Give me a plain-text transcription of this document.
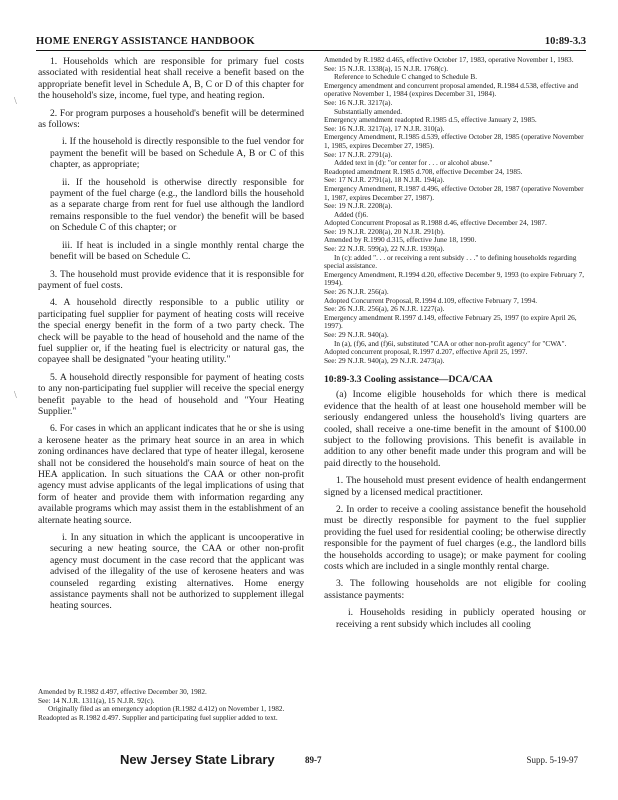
HOME ENERGY ASSISTANCE HANDBOOK	10:89-3.3

1. Households which are responsible for primary fuel costs associated with residential heat shall receive a benefit based on the appropriate benefit level in Schedule A, B, C or D of this chapter for the household's size, income, fuel type, and heating region.

2. For program purposes a household's benefit will be determined as follows:

i. If the household is directly responsible to the fuel vendor for payment the benefit will be based on Schedule A, B or C of this chapter, as appropriate;

ii. If the household is otherwise directly responsible for payment of the fuel charge (e.g., the landlord bills the household as a separate charge from rent for fuel use although the landlord remains responsible to the fuel vendor) the benefit will be based on Schedule C of this chapter; or

iii. If heat is included in a single monthly rental charge the benefit will be based on Schedule C.

3. The household must provide evidence that it is responsible for payment of fuel costs.

4. A household directly responsible to a public utility or participating fuel supplier for payment of heating costs will receive the special energy benefit in the form of a two party check. The check will be payable to the head of household and the name of the fuel supplier or, if the heating fuel is electricity or natural gas, the copayee shall be designated "your heating utility."

5. A household directly responsible for payment of heating costs to any non-participating fuel supplier will receive the special energy benefit payable to the head of household and "Your Heating Supplier."

6. For cases in which an applicant indicates that he or she is using a kerosene heater as the primary heat source in an area in which zoning ordinances have declared that type of heater illegal, kerosene shall not be considered the household's main source of heat on the HEA application. In such situations the CAA or other non-profit agency must advise applicants of the legal implications of using that form of heater and provide them with information regarding any available programs which may assist them in the establishment of an alternate heating source.

i. In any situation in which the applicant is uncooperative in securing a new heating source, the CAA or other non-profit agency must document in the case record that the applicant was advised of the illegality of the use of kerosene heaters and was counseled regarding existing alternatives. Home energy assistance payments shall not be authorized to supplement illegal heating sources.

Amended by R.1982 d.497, effective December 30, 1982.

See: 14 N.J.R. 1311(a), 15 N.J.R. 92(c).

Originally filed as an emergency adoption (R.1982 d.412) on November 1, 1982. Readopted as R.1982 d.497. Supplier and participating fuel supplier added to text.

Amended by R.1982 d.465, effective October 17, 1983, operative November 1, 1983.

See: 15 N.J.R. 1338(a), 15 N.J.R. 1768(c).

Reference to Schedule C changed to Schedule B.

Emergency amendment and concurrent proposal amended, R.1984 d.538, effective and operative November 1, 1984 (expires December 31, 1984).

See: 16 N.J.R. 3217(a).

Substantially amended.

Emergency amendment readopted R.1985 d.5, effective January 2, 1985.

See: 16 N.J.R. 3217(a), 17 N.J.R. 310(a).

Emergency Amendment, R.1985 d.539, effective October 28, 1985 (operative November 1, 1985, expires December 27, 1985).

See: 17 N.J.R. 2791(a).

Added text in (d): "or center for . . . or alcohol abuse."

Readopted amendment R.1985 d.708, effective December 24, 1985.

See: 17 N.J.R. 2791(a), 18 N.J.R. 194(a).

Emergency Amendment, R.1987 d.496, effective October 28, 1987 (operative November 1, 1987, expires December 27, 1987).

See: 19 N.J.R. 2208(a).

Added (f)6.

Adopted Concurrent Proposal as R.1988 d.46, effective December 24, 1987.

See: 19 N.J.R. 2208(a), 20 N.J.R. 291(b).

Amended by R.1990 d.315, effective June 18, 1990.

See: 22 N.J.R. 599(a), 22 N.J.R. 1939(a).

In (c): added ". . . or receiving a rent subsidy . . ." to defining households regarding special assistance.

Emergency Amendment, R.1994 d.20, effective December 9, 1993 (to expire February 7, 1994).

See: 26 N.J.R. 256(a).

Adopted Concurrent Proposal, R.1994 d.109, effective February 7, 1994.

See: 26 N.J.R. 256(a), 26 N.J.R. 1227(a).

Emergency amendment R.1997 d.149, effective February 25, 1997 (to expire April 26, 1997).

See: 29 N.J.R. 940(a).

In (a), (f)6, and (f)6i, substituted "CAA or other non-profit agency" for "CWA".

Adopted concurrent proposal, R.1997 d.207, effective April 25, 1997.

See: 29 N.J.R. 940(a), 29 N.J.R. 2473(a).

10:89-3.3 Cooling assistance—DCA/CAA

(a) Income eligible households for which there is medical evidence that the health of at least one household member will be seriously endangered unless the household's living quarters are cooled, shall receive a one-time benefit in the amount of $100.00 subject to the following provisions. This benefit is available in addition to any other benefit made under this program and will be paid directly to the household.

1. The household must present evidence of health endangerment signed by a licensed medical practitioner.

2. In order to receive a cooling assistance benefit the household must be directly responsible for payment to the fuel supplier providing the fuel used for residential cooling; be otherwise directly responsible for the payment of fuel charges (e.g., the landlord bills the households according to usage); or make payment for cooling costs which are included in a single monthly rental charge.

3. The following households are not eligible for cooling assistance payments:

i. Households residing in publicly operated housing or receiving a rent subsidy which includes all cooling

\
\
New Jersey State Library	89-7	Supp. 5-19-97
